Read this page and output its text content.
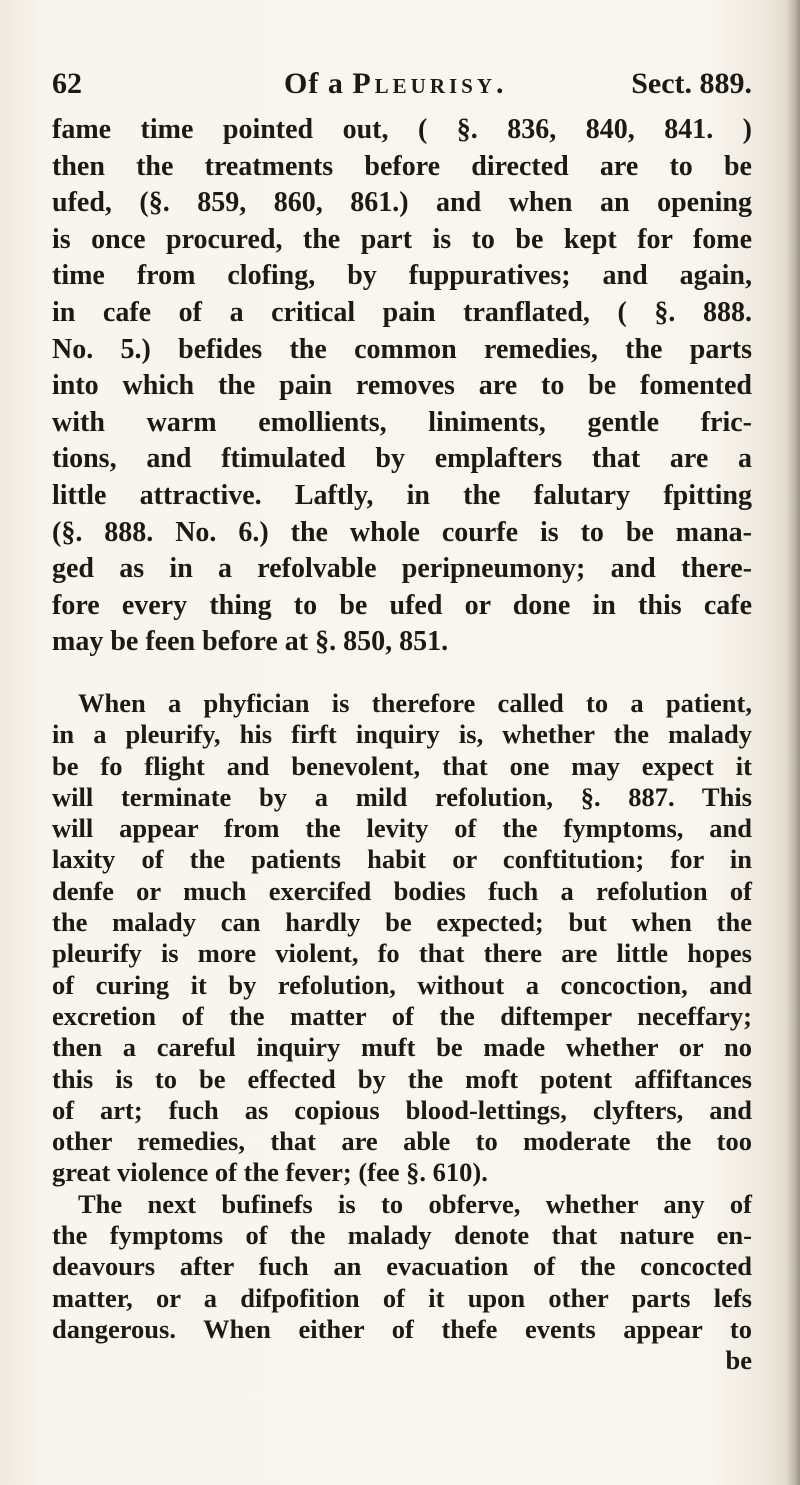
62	Of a Pleurisy.	Sect. 889.
fame time pointed out, ( §. 836, 840, 841. )
then the treatments before directed are to be
ufed, (§. 859, 860, 861.) and when an opening
is once procured, the part is to be kept for fome
time from clofing, by fuppuratives; and again,
in cafe of a critical pain tranflated, ( §. 888.
No. 5.) befides the common remedies, the parts
into which the pain removes are to be fomented
with warm emollients, liniments, gentle fric-
tions, and ftimulated by emplafters that are a
little attractive. Laftly, in the falutary fpitting
(§. 888. No. 6.) the whole courfe is to be mana-
ged as in a refolvable peripneumony; and there-
fore every thing to be ufed or done in this cafe
may be feen before at §. 850, 851.
When a phyfician is therefore called to a patient,
in a pleurify, his firft inquiry is, whether the malady
be fo flight and benevolent, that one may expect it
will terminate by a mild refolution, §. 887. This
will appear from the levity of the fymptoms, and
laxity of the patients habit or conftitution; for in
denfe or much exercifed bodies fuch a refolution of
the malady can hardly be expected; but when the
pleurify is more violent, fo that there are little hopes
of curing it by refolution, without a concoction, and
excretion of the matter of the diftemper neceffary;
then a careful inquiry muft be made whether or no
this is to be effected by the moft potent affiftances
of art; fuch as copious blood-lettings, clyfters, and
other remedies, that are able to moderate the too
great violence of the fever; (fee §. 610).
The next bufinefs is to obferve, whether any of
the fymptoms of the malady denote that nature en-
deavours after fuch an evacuation of the concocted
matter, or a difpofition of it upon other parts lefs
dangerous. When either of thefe events appear to
be
